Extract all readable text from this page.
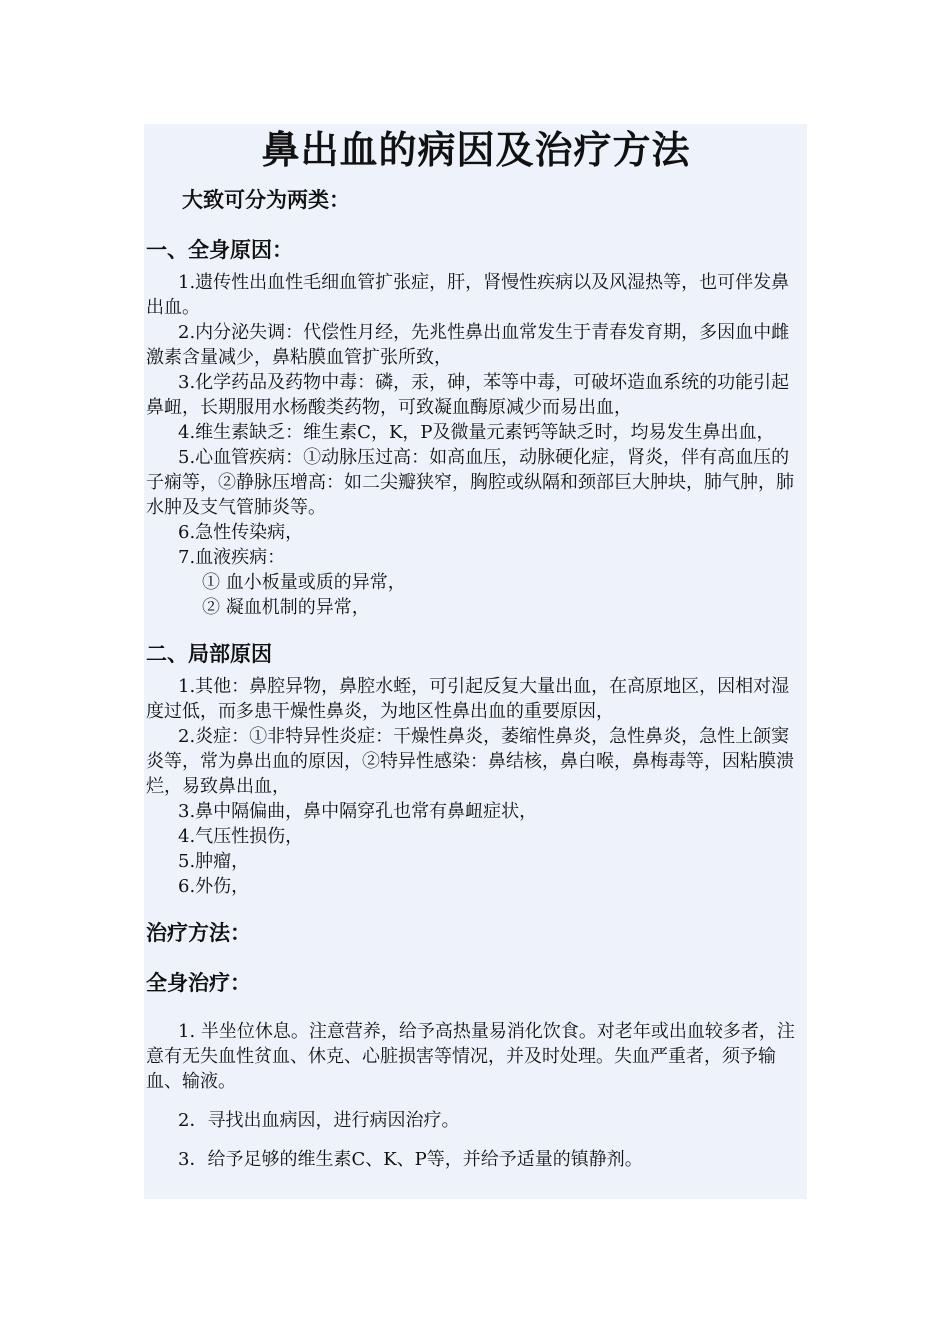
鼻出血的病因及治疗方法
大致可分为两类：
一、全身原因：

1.遗传性出血性毛细血管扩张症，肝，肾慢性疾病以及风湿热等，也可伴发鼻出血。

2.内分泌失调：代偿性月经，先兆性鼻出血常发生于青春发育期，多因血中雌激素含量减少，鼻粘膜血管扩张所致，

3.化学药品及药物中毒：磷，汞，砷，苯等中毒，可破坏造血系统的功能引起鼻衄，长期服用水杨酸类药物，可致凝血酶原减少而易出血，

4.维生素缺乏：维生素C，K，P及微量元素钙等缺乏时，均易发生鼻出血，

5.心血管疾病：①动脉压过高：如高血压，动脉硬化症，肾炎，伴有高血压的子痫等，②静脉压增高：如二尖瓣狭窄，胸腔或纵隔和颈部巨大肿块，肺气肿，肺水肿及支气管肺炎等。

6.急性传染病，

7.血液疾病：

① 血小板量或质的异常，

② 凝血机制的异常，

二、局部原因

1.其他：鼻腔异物，鼻腔水蛭，可引起反复大量出血，在高原地区，因相对湿度过低，而多患干燥性鼻炎，为地区性鼻出血的重要原因，

2.炎症：①非特异性炎症：干燥性鼻炎，萎缩性鼻炎，急性鼻炎，急性上颌窦炎等，常为鼻出血的原因，②特异性感染：鼻结核，鼻白喉，鼻梅毒等，因粘膜溃烂，易致鼻出血，

3.鼻中隔偏曲，鼻中隔穿孔也常有鼻衄症状，

4.气压性损伤，

5.肿瘤，

6.外伤，

治疗方法：
全身治疗：

1. 半坐位休息。注意营养，给予高热量易消化饮食。对老年或出血较多者，注意有无失血性贫血、休克、心脏损害等情况，并及时处理。失血严重者，须予输血、输液。

2．寻找出血病因，进行病因治疗。

3．给予足够的维生素C、K、P等，并给予适量的镇静剂。
